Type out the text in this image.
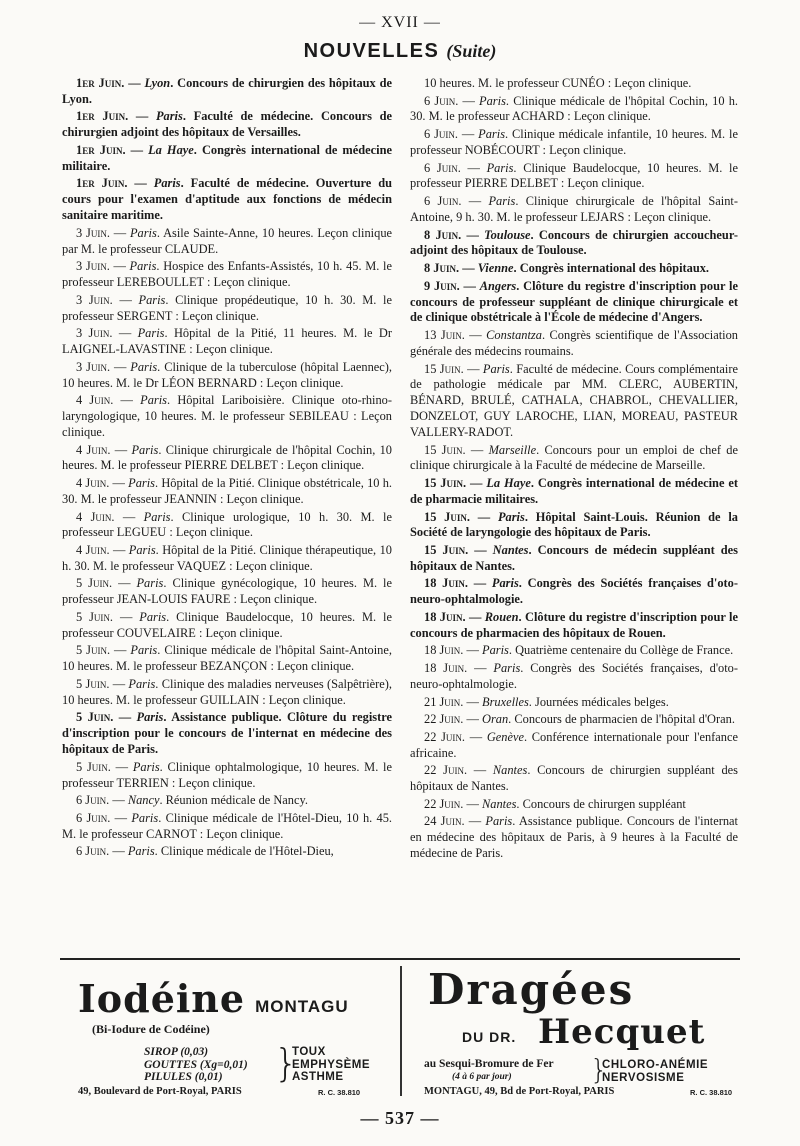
— XVII —
NOUVELLES (Suite)

1er Juin. — Lyon. Concours de chirurgien des hôpitaux de Lyon.

1er Juin. — Paris. Faculté de médecine. Concours de chirurgien adjoint des hôpitaux de Versailles.

1er Juin. — La Haye. Congrès international de médecine militaire.

1er Juin. — Paris. Faculté de médecine. Ouverture du cours pour l'examen d'aptitude aux fonctions de médecin sanitaire maritime.

3 Juin. — Paris. Asile Sainte-Anne, 10 heures. Leçon clinique par M. le professeur CLAUDE.

3 Juin. — Paris. Hospice des Enfants-Assistés, 10 h. 45. M. le professeur LEREBOULLET : Leçon clinique.

3 Juin. — Paris. Clinique propédeutique, 10 h. 30. M. le professeur SERGENT : Leçon clinique.

3 Juin. — Paris. Hôpital de la Pitié, 11 heures. M. le Dr LAIGNEL-LAVASTINE : Leçon clinique.

3 Juin. — Paris. Clinique de la tuberculose (hôpital Laennec), 10 heures. M. le Dr LÉON BERNARD : Leçon clinique.

4 Juin. — Paris. Hôpital Lariboisière. Clinique oto-rhino-laryngologique, 10 heures. M. le professeur SEBILEAU : Leçon clinique.

4 Juin. — Paris. Clinique chirurgicale de l'hôpital Cochin, 10 heures. M. le professeur PIERRE DELBET : Leçon clinique.

4 Juin. — Paris. Hôpital de la Pitié. Clinique obstétricale, 10 h. 30. M. le professeur JEANNIN : Leçon clinique.

4 Juin. — Paris. Clinique urologique, 10 h. 30. M. le professeur LEGUEU : Leçon clinique.

4 Juin. — Paris. Hôpital de la Pitié. Clinique thérapeutique, 10 h. 30. M. le professeur VAQUEZ : Leçon clinique.

5 Juin. — Paris. Clinique gynécologique, 10 heures. M. le professeur JEAN-LOUIS FAURE : Leçon clinique.

5 Juin. — Paris. Clinique Baudelocque, 10 heures. M. le professeur COUVELAIRE : Leçon clinique.

5 Juin. — Paris. Clinique médicale de l'hôpital Saint-Antoine, 10 heures. M. le professeur BEZANÇON : Leçon clinique.

5 Juin. — Paris. Clinique des maladies nerveuses (Salpêtrière), 10 heures. M. le professeur GUILLAIN : Leçon clinique.

5 Juin. — Paris. Assistance publique. Clôture du registre d'inscription pour le concours de l'internat en médecine des hôpitaux de Paris.

5 Juin. — Paris. Clinique ophtalmologique, 10 heures. M. le professeur TERRIEN : Leçon clinique.

6 Juin. — Nancy. Réunion médicale de Nancy.

6 Juin. — Paris. Clinique médicale de l'Hôtel-Dieu, 10 h. 45. M. le professeur CARNOT : Leçon clinique.

6 Juin. — Paris. Clinique médicale de l'Hôtel-Dieu,

10 heures. M. le professeur CUNÉO : Leçon clinique.

6 Juin. — Paris. Clinique médicale de l'hôpital Cochin, 10 h. 30. M. le professeur ACHARD : Leçon clinique.

6 Juin. — Paris. Clinique médicale infantile, 10 heures. M. le professeur NOBÉCOURT : Leçon clinique.

6 Juin. — Paris. Clinique Baudelocque, 10 heures. M. le professeur PIERRE DELBET : Leçon clinique.

6 Juin. — Paris. Clinique chirurgicale de l'hôpital Saint-Antoine, 9 h. 30. M. le professeur LEJARS : Leçon clinique.

8 Juin. — Toulouse. Concours de chirurgien accoucheur-adjoint des hôpitaux de Toulouse.

8 Juin. — Vienne. Congrès international des hôpitaux.

9 Juin. — Angers. Clôture du registre d'inscription pour le concours de professeur suppléant de clinique chirurgicale et de clinique obstétricale à l'École de médecine d'Angers.

13 Juin. — Constantza. Congrès scientifique de l'Association générale des médecins roumains.

15 Juin. — Paris. Faculté de médecine. Cours complémentaire de pathologie médicale par MM. CLERC, AUBERTIN, BÉNARD, BRULÉ, CATHALA, CHABROL, CHEVALLIER, DONZELOT, GUY LAROCHE, LIAN, MOREAU, PASTEUR VALLERY-RADOT.

15 Juin. — Marseille. Concours pour un emploi de chef de clinique chirurgicale à la Faculté de médecine de Marseille.

15 Juin. — La Haye. Congrès international de médecine et de pharmacie militaires.

15 Juin. — Paris. Hôpital Saint-Louis. Réunion de la Société de laryngologie des hôpitaux de Paris.

15 Juin. — Nantes. Concours de médecin suppléant des hôpitaux de Nantes.

18 Juin. — Paris. Congrès des Sociétés françaises d'oto-neuro-ophtalmologie.

18 Juin. — Rouen. Clôture du registre d'inscription pour le concours de pharmacien des hôpitaux de Rouen.

18 Juin. — Paris. Quatrième centenaire du Collège de France.

18 Juin. — Paris. Congrès des Sociétés françaises, d'oto-neuro-ophtalmologie.

21 Juin. — Bruxelles. Journées médicales belges.

22 Juin. — Oran. Concours de pharmacien de l'hôpital d'Oran.

22 Juin. — Genève. Conférence internationale pour l'enfance africaine.

22 Juin. — Nantes. Concours de chirurgien suppléant des hôpitaux de Nantes.

22 Juin. — Nantes. Concours de chirurgen suppléant

24 Juin. — Paris. Assistance publique. Concours de l'internat en médecine des hôpitaux de Paris, à 9 heures à la Faculté de médecine de Paris.

Iodéine MONTAGU
(Bi-Iodure de Codéine)
SIROP (0,03)
GOUTTES (Xg=0,01)
PILULES (0,01)	}
TOUX
EMPHYSÈME
ASTHME
49, Boulevard de Port-Royal, PARIS	R. C. 38.810
Dragées
DU DR. Hecquet
au Sesqui-Bromure de Fer
(4 à 6 par jour)	}
CHLORO-ANÉMIE
NERVOSISME
MONTAGU, 49, Bd de Port-Royal, PARIS	R. C. 38.810
— 537 —
